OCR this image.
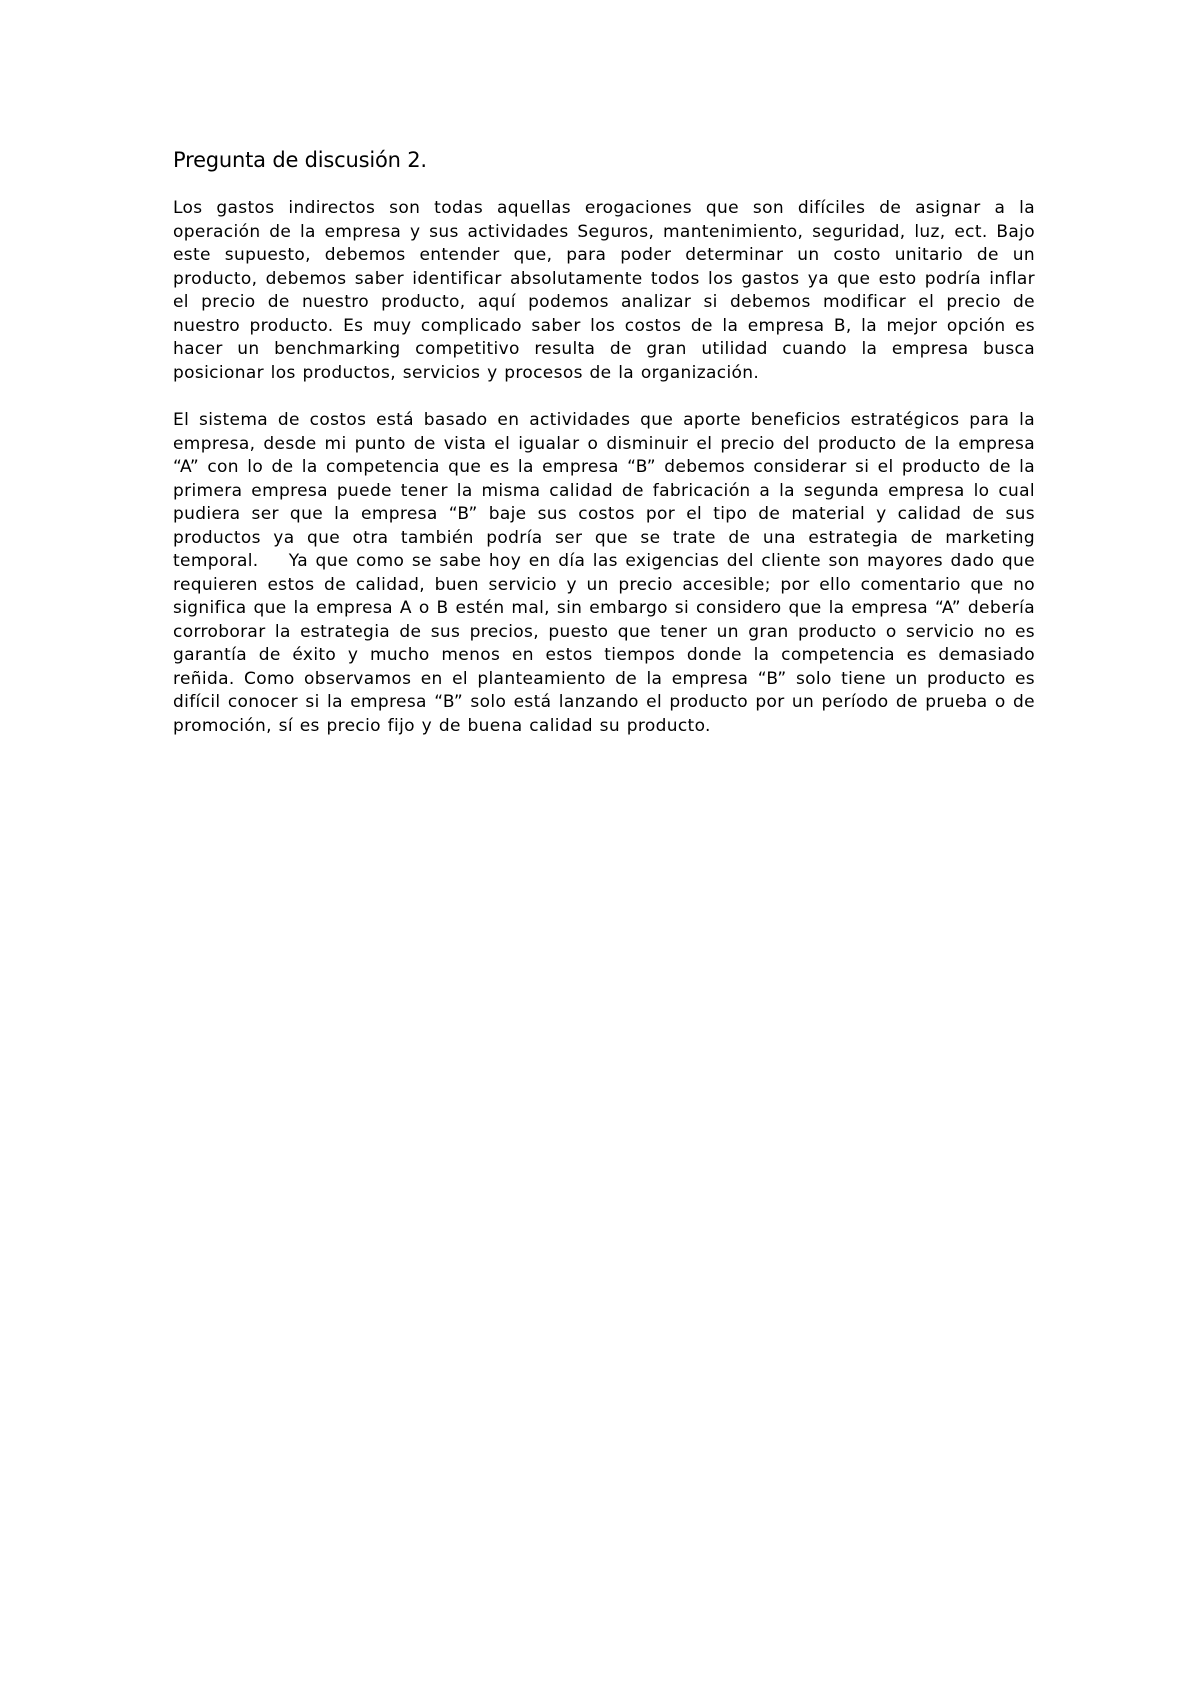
Pregunta de discusión 2.

Los gastos indirectos son todas aquellas erogaciones que son difíciles de asignar a la operación de la empresa y sus actividades Seguros, mantenimiento, seguridad, luz, ect. Bajo este supuesto, debemos entender que, para poder determinar un costo unitario de un producto, debemos saber identificar absolutamente todos los gastos ya que esto podría inflar el precio de nuestro producto, aquí podemos analizar si debemos modificar el precio de nuestro producto. Es muy complicado saber los costos de la empresa B, la mejor opción es hacer un benchmarking competitivo resulta de gran utilidad cuando la empresa busca posicionar los productos, servicios y procesos de la organización.

El sistema de costos está basado en actividades que aporte beneficios estratégicos para la empresa, desde mi punto de vista el igualar o disminuir el precio del producto de la empresa “A” con lo de la competencia que es la empresa “B” debemos considerar si el producto de la primera empresa puede tener la misma calidad de fabricación a la segunda empresa lo cual pudiera ser que la empresa “B” baje sus costos por el tipo de material y calidad de sus productos ya que otra también podría ser que se trate de una estrategia de marketing temporal.    Ya que como se sabe hoy en día las exigencias del cliente son mayores dado que requieren estos de calidad, buen servicio y un precio accesible; por ello comentario que no significa que la empresa A o B estén mal, sin embargo si considero que la empresa “A” debería corroborar la estrategia de sus precios, puesto que tener un gran producto o servicio no es garantía de éxito y mucho menos en estos tiempos donde la competencia es demasiado reñida. Como observamos en el planteamiento de la empresa “B” solo tiene un producto es difícil conocer si la empresa “B” solo está lanzando el producto por un período de prueba o de promoción, sí es precio fijo y de buena calidad su producto.
